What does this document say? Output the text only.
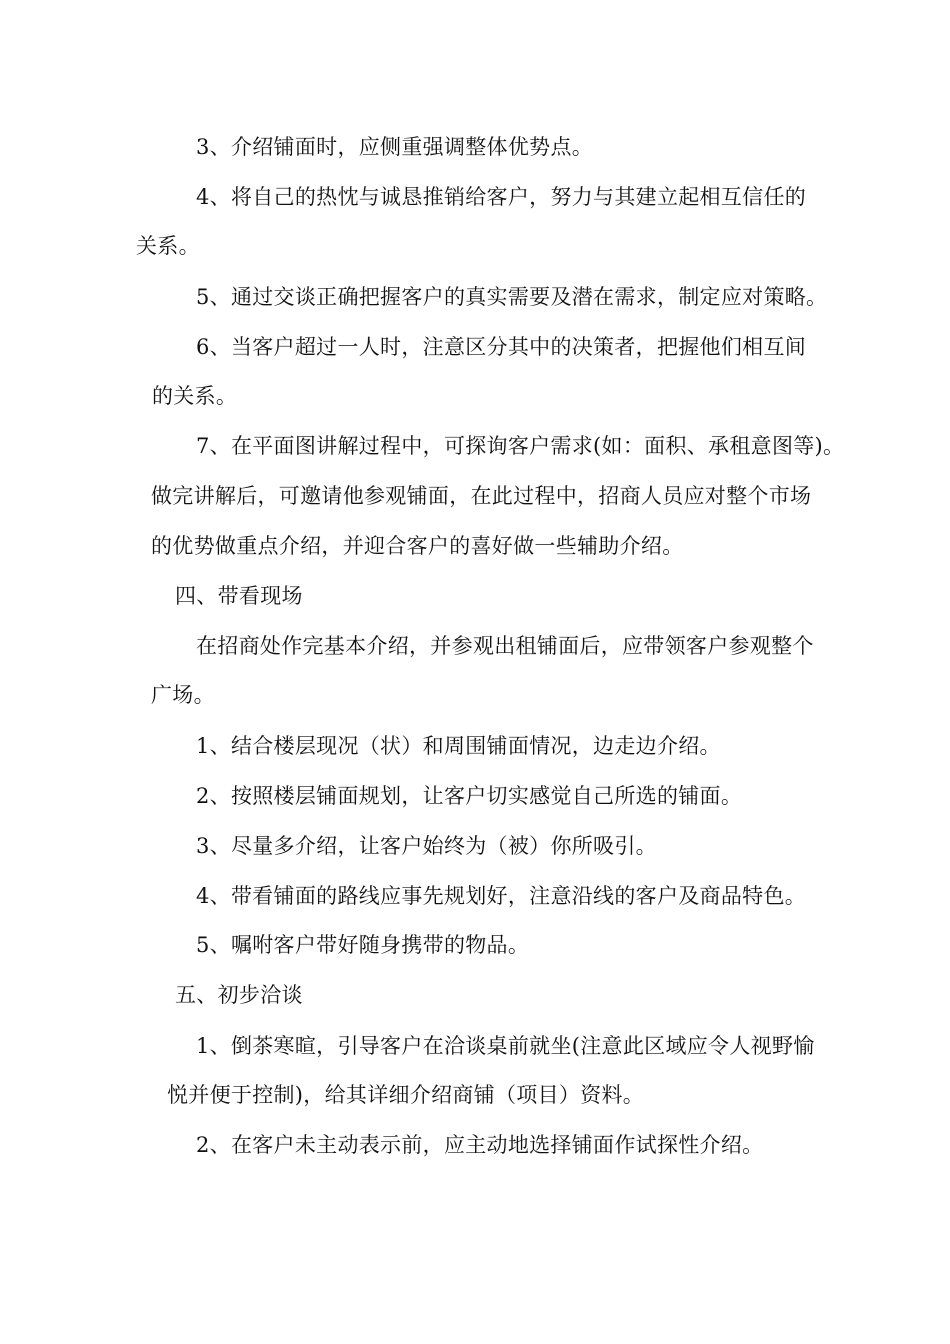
3、介绍铺面时，应侧重强调整体优势点。
4、将自己的热忱与诚恳推销给客户，努力与其建立起相互信任的
关系。
5、通过交谈正确把握客户的真实需要及潜在需求，制定应对策略。
6、当客户超过一人时，注意区分其中的决策者，把握他们相互间
的关系。
7、在平面图讲解过程中，可探询客户需求(如：面积、承租意图等)。
做完讲解后，可邀请他参观铺面，在此过程中，招商人员应对整个市场
的优势做重点介绍，并迎合客户的喜好做一些辅助介绍。
四、带看现场
在招商处作完基本介绍，并参观出租铺面后，应带领客户参观整个
广场。
1、结合楼层现况（状）和周围铺面情况，边走边介绍。
2、按照楼层铺面规划，让客户切实感觉自己所选的铺面。
3、尽量多介绍，让客户始终为（被）你所吸引。
4、带看铺面的路线应事先规划好，注意沿线的客户及商品特色。
5、嘱咐客户带好随身携带的物品。
五、初步洽谈
1、倒茶寒暄，引导客户在洽谈桌前就坐(注意此区域应令人视野愉
悦并便于控制)，给其详细介绍商铺（项目）资料。
2、在客户未主动表示前，应主动地选择铺面作试探性介绍。
